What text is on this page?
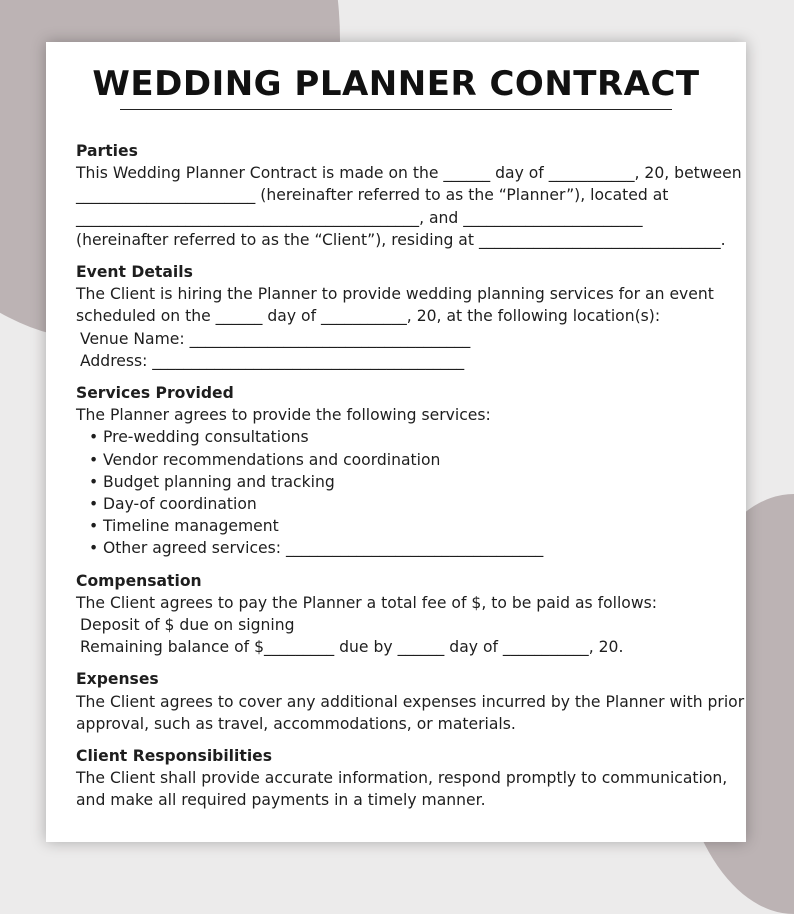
WEDDING PLANNER CONTRACT
Parties
This Wedding Planner Contract is made on the ______ day of ___________, 20, between
_______________________ (hereinafter referred to as the “Planner”), located at
____________________________________________, and _______________________
(hereinafter referred to as the “Client”), residing at _______________________________.
Event Details
The Client is hiring the Planner to provide wedding planning services for an event
scheduled on the ______ day of ___________, 20, at the following location(s):
Venue Name: ____________________________________
Address: ________________________________________
Services Provided
The Planner agrees to provide the following services:
• Pre-wedding consultations
• Vendor recommendations and coordination
• Budget planning and tracking
• Day-of coordination
• Timeline management
• Other agreed services: _________________________________
Compensation
The Client agrees to pay the Planner a total fee of $, to be paid as follows:
Deposit of $ due on signing
Remaining balance of $_________ due by ______ day of ___________, 20.
Expenses
The Client agrees to cover any additional expenses incurred by the Planner with prior
approval, such as travel, accommodations, or materials.
Client Responsibilities
The Client shall provide accurate information, respond promptly to communication,
and make all required payments in a timely manner.
